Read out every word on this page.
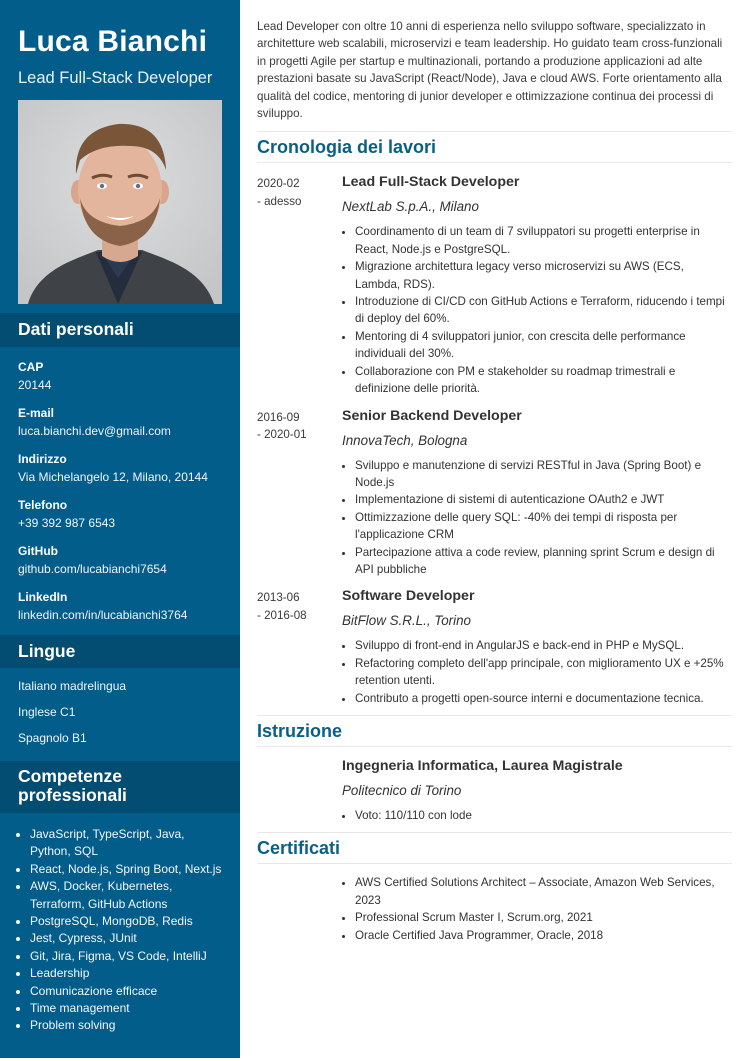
Luca Bianchi
Lead Full-Stack Developer
Dati personali
CAP
20144
E-mail
luca.bianchi.dev@gmail.com
Indirizzo
Via Michelangelo 12, Milano, 20144
Telefono
+39 392 987 6543
GitHub
github.com/lucabianchi7654
LinkedIn
linkedin.com/in/lucabianchi3764
Lingue
Italiano madrelingua
Inglese C1
Spagnolo B1
Competenze professionali
• JavaScript, TypeScript, Java, Python, SQL
• React, Node.js, Spring Boot, Next.js
• AWS, Docker, Kubernetes, Terraform, GitHub Actions
• PostgreSQL, MongoDB, Redis
• Jest, Cypress, JUnit
• Git, Jira, Figma, VS Code, IntelliJ
• Leadership
• Comunicazione efficace
• Time management
• Problem solving

Lead Developer con oltre 10 anni di esperienza nello sviluppo software, specializzato in architetture web scalabili, microservizi e team leadership. Ho guidato team cross-funzionali in progetti Agile per startup e multinazionali, portando a produzione applicazioni ad alte prestazioni basate su JavaScript (React/Node), Java e cloud AWS. Forte orientamento alla qualità del codice, mentoring di junior developer e ottimizzazione continua dei processi di sviluppo.

Cronologia dei lavori
2020-02
- adesso
Lead Full-Stack Developer
NextLab S.p.A., Milano
• Coordinamento di un team di 7 sviluppatori su progetti enterprise in React, Node.js e PostgreSQL.
• Migrazione architettura legacy verso microservizi su AWS (ECS, Lambda, RDS).
• Introduzione di CI/CD con GitHub Actions e Terraform, riducendo i tempi di deploy del 60%.
• Mentoring di 4 sviluppatori junior, con crescita delle performance individuali del 30%.
• Collaborazione con PM e stakeholder su roadmap trimestrali e definizione delle priorità.
2016-09
- 2020-01
Senior Backend Developer
InnovaTech, Bologna
• Sviluppo e manutenzione di servizi RESTful in Java (Spring Boot) e Node.js
• Implementazione di sistemi di autenticazione OAuth2 e JWT
• Ottimizzazione delle query SQL: -40% dei tempi di risposta per l'applicazione CRM
• Partecipazione attiva a code review, planning sprint Scrum e design di API pubbliche
2013-06
- 2016-08
Software Developer
BitFlow S.R.L., Torino
• Sviluppo di front-end in AngularJS e back-end in PHP e MySQL.
• Refactoring completo dell'app principale, con miglioramento UX e +25% retention utenti.
• Contributo a progetti open-source interni e documentazione tecnica.
Istruzione
Ingegneria Informatica, Laurea Magistrale
Politecnico di Torino
• Voto: 110/110 con lode
Certificati
• AWS Certified Solutions Architect – Associate, Amazon Web Services, 2023
• Professional Scrum Master I, Scrum.org, 2021
• Oracle Certified Java Programmer, Oracle, 2018
